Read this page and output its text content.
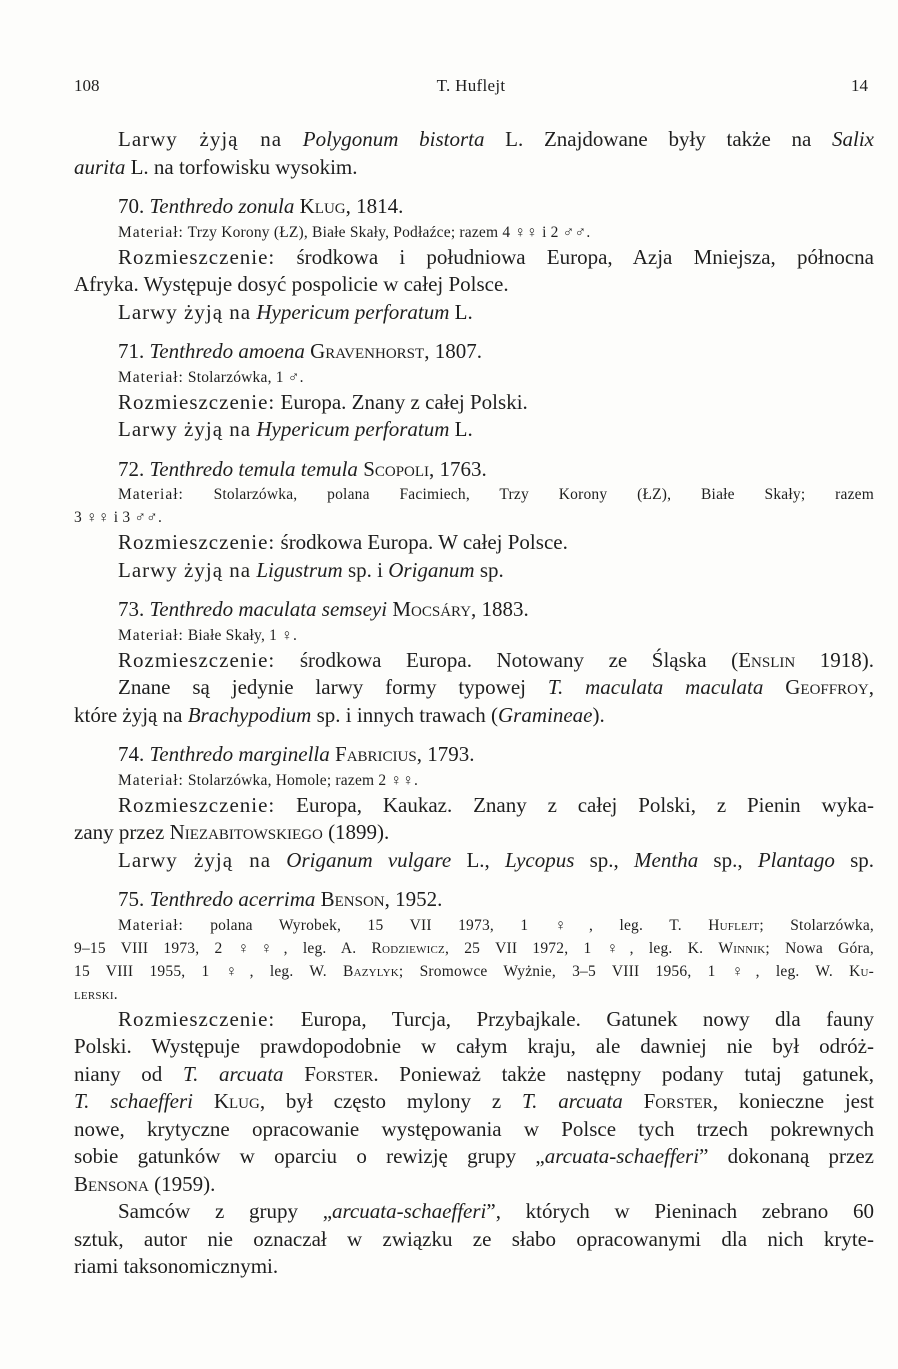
108	T. Huflejt	14

Larwy żyją na Polygonum bistorta L. Znajdowane były także na Salix

aurita L. na torfowisku wysokim.

70. Tenthredo zonula Klug, 1814.

Materiał: Trzy Korony (ŁZ), Białe Skały, Podłaźce; razem 4 ♀♀ i 2 ♂♂.

Rozmieszczenie: środkowa i południowa Europa, Azja Mniejsza, północna

Afryka. Występuje dosyć pospolicie w całej Polsce.

Larwy żyją na Hypericum perforatum L.

71. Tenthredo amoena Gravenhorst, 1807.

Materiał: Stolarzówka, 1 ♂.

Rozmieszczenie: Europa. Znany z całej Polski.

Larwy żyją na Hypericum perforatum L.

72. Tenthredo temula temula Scopoli, 1763.

Materiał: Stolarzówka, polana Facimiech, Trzy Korony (ŁZ), Białe Skały; razem

3 ♀♀ i 3 ♂♂.

Rozmieszczenie: środkowa Europa. W całej Polsce.

Larwy żyją na Ligustrum sp. i Origanum sp.

73. Tenthredo maculata semseyi Mocsáry, 1883.

Materiał: Białe Skały, 1 ♀.

Rozmieszczenie: środkowa Europa. Notowany ze Śląska (Enslin 1918).

Znane są jedynie larwy formy typowej T. maculata maculata Geoffroy,

które żyją na Brachypodium sp. i innych trawach (Gramineae).

74. Tenthredo marginella Fabricius, 1793.

Materiał: Stolarzówka, Homole; razem 2 ♀♀.

Rozmieszczenie: Europa, Kaukaz. Znany z całej Polski, z Pienin wyka-

zany przez Niezabitowskiego (1899).

Larwy żyją na Origanum vulgare L., Lycopus sp., Mentha sp., Plantago sp.

75. Tenthredo acerrima Benson, 1952.

Materiał: polana Wyrobek, 15 VII 1973, 1 ♀, leg. T. Huflejt; Stolarzówka,

9–15 VIII 1973, 2 ♀♀, leg. A. Rodziewicz, 25 VII 1972, 1 ♀, leg. K. Winnik; Nowa Góra,

15 VIII 1955, 1 ♀, leg. W. Bazylyk; Sromowce Wyżnie, 3–5 VIII 1956, 1 ♀, leg. W. Ku-

lerski.

Rozmieszczenie: Europa, Turcja, Przybajkale. Gatunek nowy dla fauny

Polski. Występuje prawdopodobnie w całym kraju, ale dawniej nie był odróż-

niany od T. arcuata Forster. Ponieważ także następny podany tutaj gatunek,

T. schaefferi Klug, był często mylony z T. arcuata Forster, konieczne jest

nowe, krytyczne opracowanie występowania w Polsce tych trzech pokrewnych

sobie gatunków w oparciu o rewizję grupy „arcuata-schaefferi” dokonaną przez

Bensona (1959).

Samców z grupy „arcuata-schaefferi”, których w Pieninach zebrano 60

sztuk, autor nie oznaczał w związku ze słabo opracowanymi dla nich kryte-

riami taksonomicznymi.
